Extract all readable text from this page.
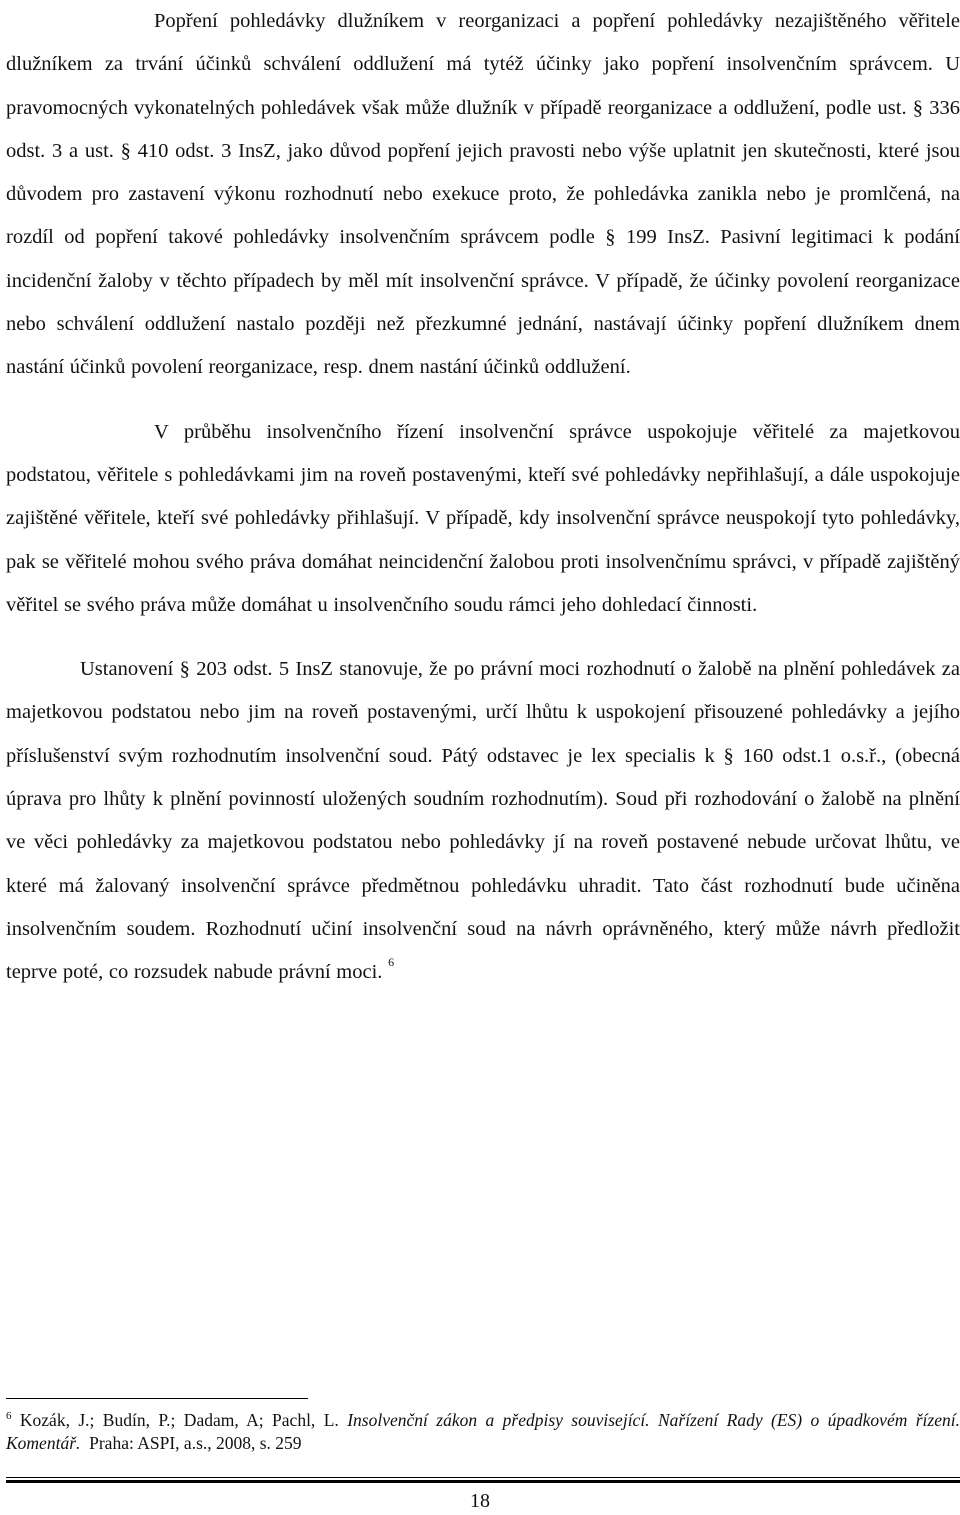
Popření pohledávky dlužníkem v reorganizaci a popření pohledávky nezajištěného věřitele dlužníkem za trvání účinků schválení oddlužení má tytéž účinky jako popření insolvenčním správcem. U pravomocných vykonatelných pohledávek však může dlužník v případě reorganizace a oddlužení, podle ust. § 336 odst. 3 a ust. § 410 odst. 3 InsZ, jako důvod popření jejich pravosti nebo výše uplatnit jen skutečnosti, které jsou důvodem pro zastavení výkonu rozhodnutí nebo exekuce proto, že pohledávka zanikla nebo je promlčená, na rozdíl od popření takové pohledávky insolvenčním správcem podle § 199 InsZ. Pasivní legitimaci k podání incidenční žaloby v těchto případech by měl mít insolvenční správce. V případě, že účinky povolení reorganizace nebo schválení oddlužení nastalo později než přezkumné jednání, nastávají účinky popření dlužníkem dnem nastání účinků povolení reorganizace, resp. dnem nastání účinků oddlužení.

V průběhu insolvenčního řízení insolvenční správce uspokojuje věřitelé za majetkovou podstatou, věřitele s pohledávkami jim na roveň postavenými, kteří své pohledávky nepřihlašují, a dále uspokojuje zajištěné věřitele, kteří své pohledávky přihlašují. V případě, kdy insolvenční správce neuspokojí tyto pohledávky, pak se věřitelé mohou svého práva domáhat neincidenční žalobou proti insolvenčnímu správci, v případě zajištěný věřitel se svého práva může domáhat u insolvenčního soudu rámci jeho dohledací činnosti.

Ustanovení § 203 odst. 5 InsZ stanovuje, že po právní moci rozhodnutí o žalobě na plnění pohledávek za majetkovou podstatou nebo jim na roveň postavenými, určí lhůtu k uspokojení přisouzené pohledávky a jejího příslušenství svým rozhodnutím insolvenční soud. Pátý odstavec je lex specialis k § 160 odst.1 o.s.ř., (obecná úprava pro lhůty k plnění povinností uložených soudním rozhodnutím). Soud při rozhodování o žalobě na plnění ve věci pohledávky za majetkovou podstatou nebo pohledávky jí na roveň postavené nebude určovat lhůtu, ve které má žalovaný insolvenční správce předmětnou pohledávku uhradit. Tato část rozhodnutí bude učiněna insolvenčním soudem. Rozhodnutí učiní insolvenční soud na návrh oprávněného, který může návrh předložit teprve poté, co rozsudek nabude právní moci. $^6$

$^6$ Kozák, J.; Budín, P.; Dadam, A; Pachl, L. Insolvenční zákon a předpisy související. Nařízení Rady (ES) o úpadkovém řízení. Komentář. Praha: ASPI, a.s., 2008, s. 259

18
